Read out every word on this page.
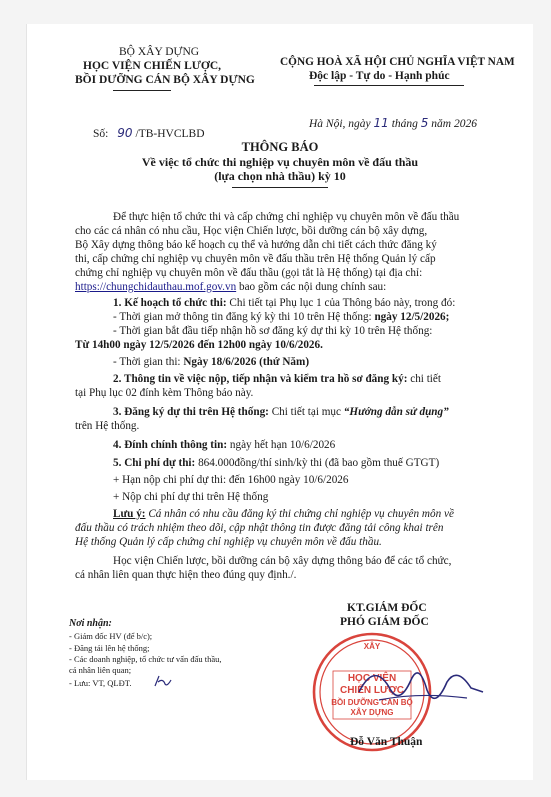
BỘ XÂY DỰNG
HỌC VIỆN CHIẾN LƯỢC,
BỒI DƯỠNG CÁN BỘ XÂY DỰNG
Số: 90 /TB-HVCLBD
CỘNG HOÀ XÃ HỘI CHỦ NGHĨA VIỆT NAM
Độc lập - Tự do - Hạnh phúc
Hà Nội, ngày 11 tháng 5 năm 2026
THÔNG BÁO
Về việc tổ chức thi nghiệp vụ chuyên môn về đấu thầu
(lựa chọn nhà thầu) kỳ 10
Để thực hiện tổ chức thi và cấp chứng chỉ nghiệp vụ chuyên môn về đấu thầu
cho các cá nhân có nhu cầu, Học viện Chiến lược, bồi dưỡng cán bộ xây dựng,
Bộ Xây dựng thông báo kế hoạch cụ thể và hướng dẫn chi tiết cách thức đăng ký
thi, cấp chứng chỉ nghiệp vụ chuyên môn về đấu thầu trên Hệ thống Quản lý cấp
chứng chỉ nghiệp vụ chuyên môn về đấu thầu (gọi tắt là Hệ thống) tại địa chỉ:
https://chungchidauthau.mof.gov.vn bao gồm các nội dung chính sau:
1. Kế hoạch tổ chức thi: Chi tiết tại Phụ lục 1 của Thông báo này, trong đó:
- Thời gian mở thông tin đăng ký kỳ thi 10 trên Hệ thống: ngày 12/5/2026;
- Thời gian bắt đầu tiếp nhận hồ sơ đăng ký dự thi kỳ 10 trên Hệ thống:
Từ 14h00 ngày 12/5/2026 đến 12h00 ngày 10/6/2026.
- Thời gian thi: Ngày 18/6/2026 (thứ Năm)
2. Thông tin về việc nộp, tiếp nhận và kiểm tra hồ sơ đăng ký: chi tiết
tại Phụ lục 02 đính kèm Thông báo này.
3. Đăng ký dự thi trên Hệ thống: Chi tiết tại mục “Hướng dẫn sử dụng”
trên Hệ thống.
4. Đính chính thông tin: ngày hết hạn 10/6/2026
5. Chi phí dự thi: 864.000đồng/thí sinh/kỳ thi (đã bao gồm thuế GTGT)
+ Hạn nộp chi phí dự thi: đến 16h00 ngày 10/6/2026
+ Nộp chi phí dự thi trên Hệ thống
Lưu ý: Cá nhân có nhu cầu đăng ký thi chứng chỉ nghiệp vụ chuyên môn về
đấu thầu có trách nhiệm theo dõi, cập nhật thông tin được đăng tải công khai trên
Hệ thống Quản lý cấp chứng chỉ nghiệp vụ chuyên môn về đấu thầu.
Học viện Chiến lược, bồi dưỡng cán bộ xây dựng thông báo để các tổ chức,
cá nhân liên quan thực hiện theo đúng quy định./.
KT.GIÁM ĐỐC
PHÓ GIÁM ĐỐC
Nơi nhận:
- Giám đốc HV (để b/c);
- Đăng tải lên hệ thống;
- Các doanh nghiệp, tổ chức tư vấn đấu thầu,
cá nhân liên quan;
- Lưu: VT, QLĐT.
XÂY
HỌC VIỆN
CHIẾN LƯỢC
BỒI DƯỠNG CÁN BỘ
XÂY DỰNG
Đỗ Văn Thuận
